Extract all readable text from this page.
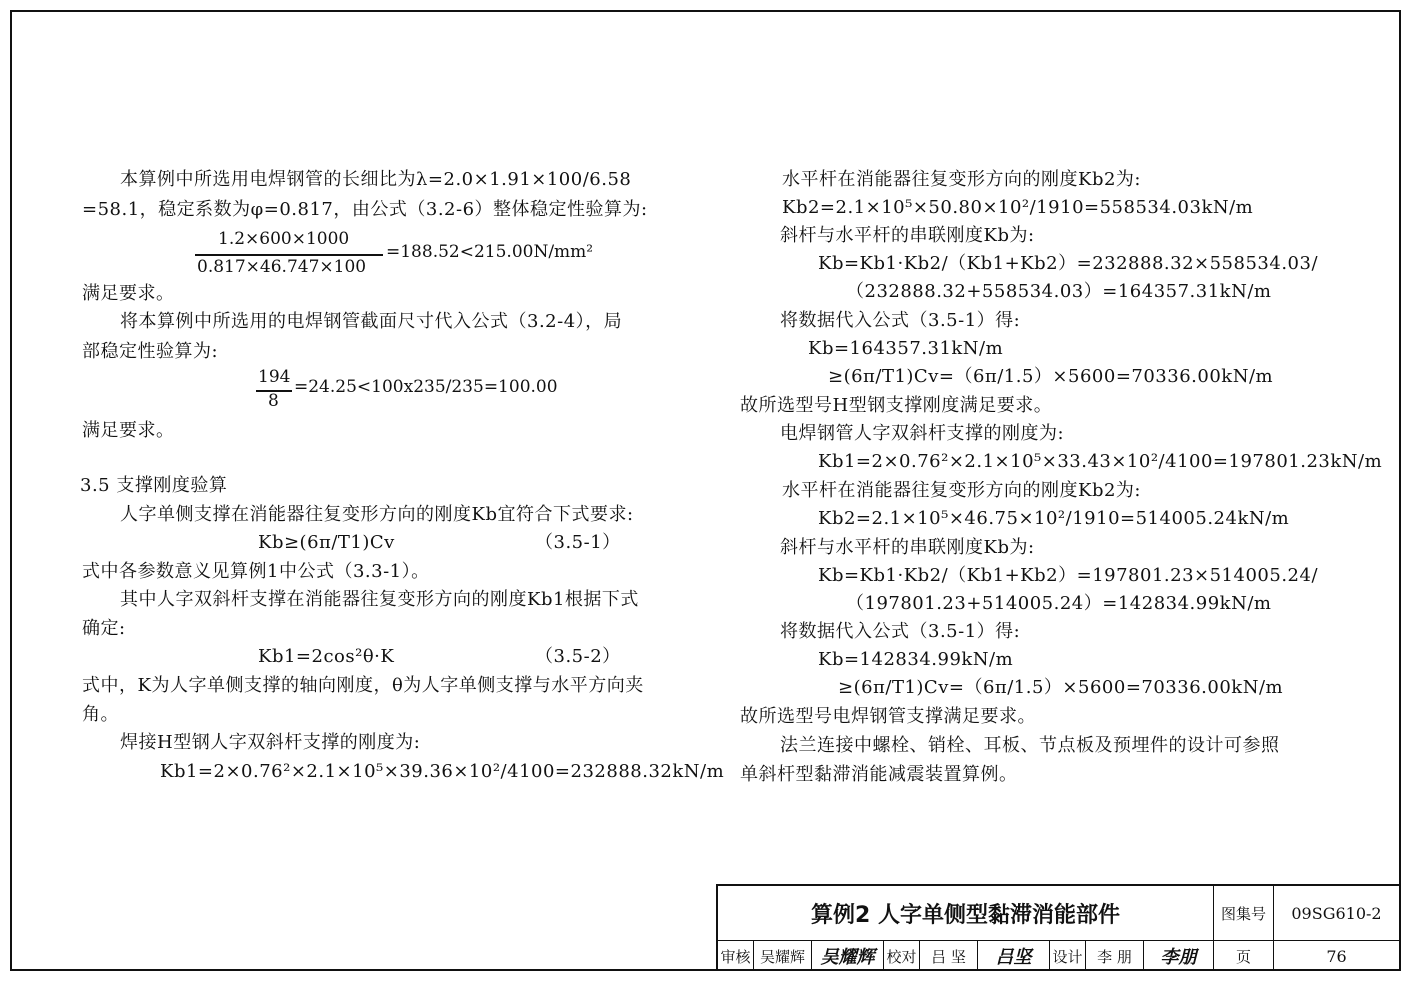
本算例中所选用电焊钢管的长细比为λ=2.0×1.91×100/6.58
=58.1，稳定系数为φ=0.817，由公式（3.2-6）整体稳定性验算为:
1.2×600×1000
0.817×46.747×100
=188.52<215.00N/mm²
满足要求。
将本算例中所选用的电焊钢管截面尺寸代入公式（3.2-4），局
部稳定性验算为:
194
8
=24.25<100x235/235=100.00
满足要求。
3.5 支撑刚度验算
人字单侧支撑在消能器往复变形方向的刚度Kb宜符合下式要求:
Kb≥(6π/T1)Cv	（3.5-1）
式中各参数意义见算例1中公式（3.3-1）。
其中人字双斜杆支撑在消能器往复变形方向的刚度Kb1根据下式
确定:
Kb1=2cos²θ·K	（3.5-2）
式中，K为人字单侧支撑的轴向刚度，θ为人字单侧支撑与水平方向夹
角。
焊接H型钢人字双斜杆支撑的刚度为:
Kb1=2×0.76²×2.1×10⁵×39.36×10²/4100=232888.32kN/m
水平杆在消能器往复变形方向的刚度Kb2为:
Kb2=2.1×10⁵×50.80×10²/1910=558534.03kN/m
斜杆与水平杆的串联刚度Kb为:
Kb=Kb1·Kb2/（Kb1+Kb2）=232888.32×558534.03/
（232888.32+558534.03）=164357.31kN/m
将数据代入公式（3.5-1）得:
Kb=164357.31kN/m
≥(6π/T1)Cv=（6π/1.5）×5600=70336.00kN/m
故所选型号H型钢支撑刚度满足要求。
电焊钢管人字双斜杆支撑的刚度为:
Kb1=2×0.76²×2.1×10⁵×33.43×10²/4100=197801.23kN/m
水平杆在消能器往复变形方向的刚度Kb2为:
Kb2=2.1×10⁵×46.75×10²/1910=514005.24kN/m
斜杆与水平杆的串联刚度Kb为:
Kb=Kb1·Kb2/（Kb1+Kb2）=197801.23×514005.24/
（197801.23+514005.24）=142834.99kN/m
将数据代入公式（3.5-1）得:
Kb=142834.99kN/m
≥(6π/T1)Cv=（6π/1.5）×5600=70336.00kN/m
故所选型号电焊钢管支撑满足要求。
法兰连接中螺栓、销栓、耳板、节点板及预埋件的设计可参照
单斜杆型黏滞消能减震装置算例。
算例2 人字单侧型黏滞消能部件	图集号	09SG610-2
审核 吴耀辉 吴耀辉 校对 吕 坚	吕坚 设计 李 朋	李朋	页	76
